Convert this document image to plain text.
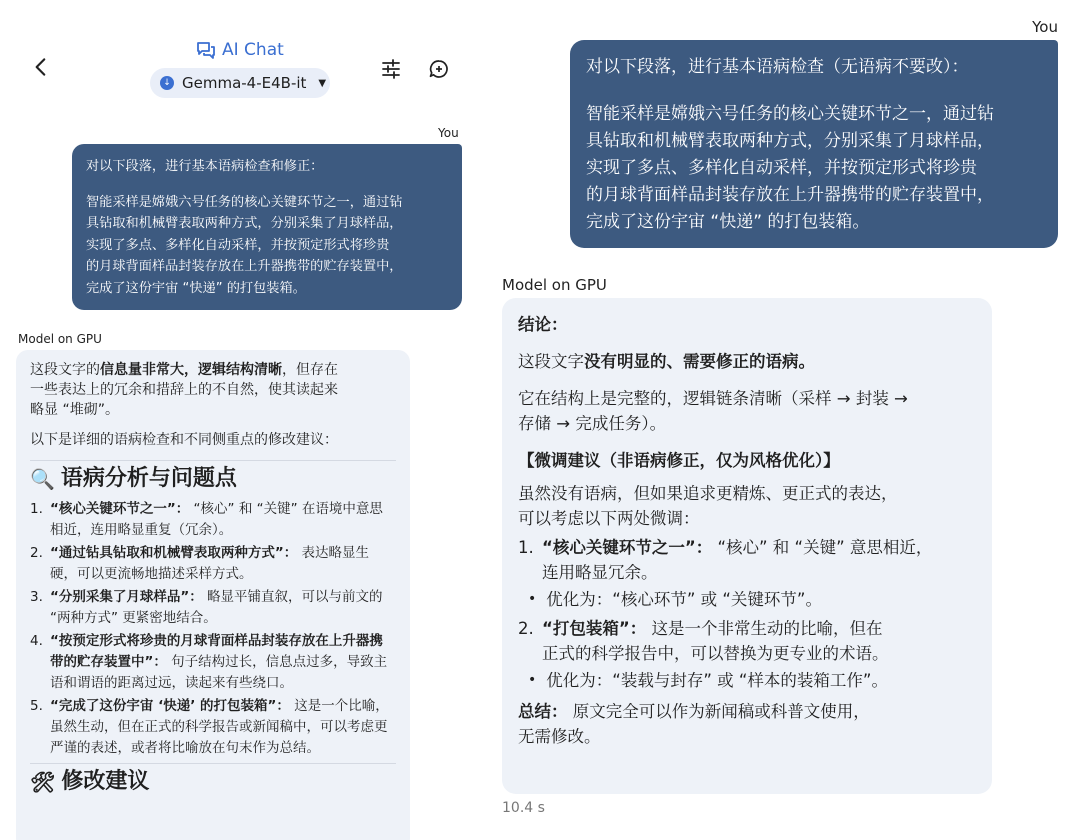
AI Chat
↓ Gemma-4-E4B-it ▼
You
对以下段落，进行基本语病检查和修正：
智能采样是嫦娥六号任务的核心关键环节之一，通过钻
具钻取和机械臂表取两种方式，分别采集了月球样品，
实现了多点、多样化自动采样，并按预定形式将珍贵
的月球背面样品封装存放在上升器携带的贮存装置中，
完成了这份宇宙 “快递” 的打包装箱。
Model on GPU

这段文字的信息量非常大，逻辑结构清晰，但存在
一些表达上的冗余和措辞上的不自然，使其读起来
略显 “堆砌”。

以下是详细的语病检查和不同侧重点的修改建议：

🔍 语病分析与问题点
1. “核心关键环节之一”： “核心” 和 “关键” 在语境中意思相近，连用略显重复（冗余）。
2. “通过钻具钻取和机械臂表取两种方式”： 表达略显生硬，可以更流畅地描述采样方式。
3. “分别采集了月球样品”： 略显平铺直叙，可以与前文的 “两种方式” 更紧密地结合。
4. “按预定形式将珍贵的月球背面样品封装存放在上升器携带的贮存装置中”： 句子结构过长，信息点过多，导致主语和谓语的距离过远，读起来有些绕口。
5. “完成了这份宇宙 ‘快递’ 的打包装箱”： 这是一个比喻，虽然生动，但在正式的科学报告或新闻稿中，可以考虑更严谨的表述，或者将比喻放在句末作为总结。
🛠 修改建议
You
对以下段落，进行基本语病检查（无语病不要改）：
智能采样是嫦娥六号任务的核心关键环节之一，通过钻
具钻取和机械臂表取两种方式，分别采集了月球样品，
实现了多点、多样化自动采样，并按预定形式将珍贵
的月球背面样品封装存放在上升器携带的贮存装置中，
完成了这份宇宙 “快递” 的打包装箱。
Model on GPU

结论：

这段文字没有明显的、需要修正的语病。

它在结构上是完整的，逻辑链条清晰（采样 → 封装 →
存储 → 完成任务）。

【微调建议（非语病修正，仅为风格优化）】

虽然没有语病，但如果追求更精炼、更正式的表达，
可以考虑以下两处微调：
1. “核心关键环节之一”： “核心” 和 “关键” 意思相近，
连用略显冗余。
• 优化为：“核心环节” 或 “关键环节”。
2. “打包装箱”： 这是一个非常生动的比喻，但在
正式的科学报告中，可以替换为更专业的术语。
• 优化为：“装载与封存” 或 “样本的装箱工作”。
总结： 原文完全可以作为新闻稿或科普文使用，
无需修改。
10.4 s
